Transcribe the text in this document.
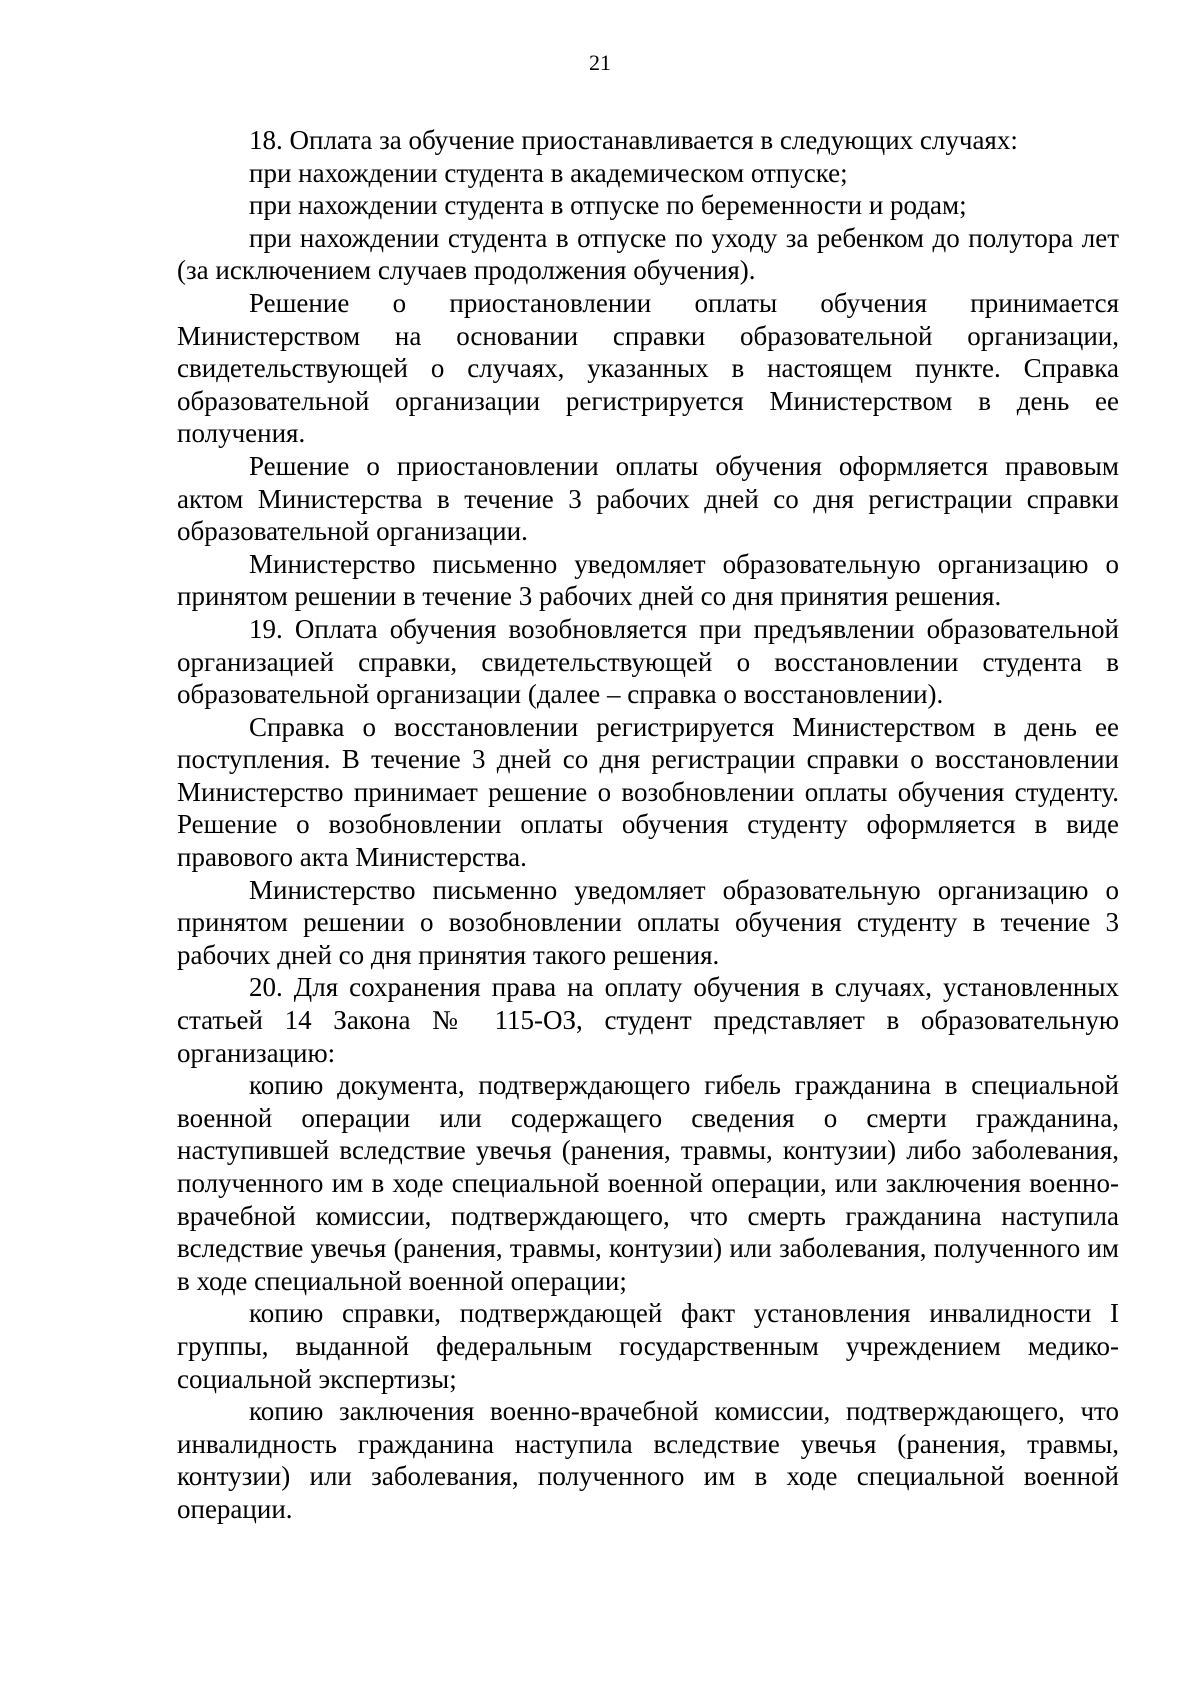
21

18. Оплата за обучение приостанавливается в следующих случаях:

при нахождении студента в академическом отпуске;

при нахождении студента в отпуске по беременности и родам;

при нахождении студента в отпуске по уходу за ребенком до полутора лет (за исключением случаев продолжения обучения).

Решение о приостановлении оплаты обучения принимается Министерством на основании справки образовательной организации, свидетельствующей о случаях, указанных в настоящем пункте. Справка образовательной организации регистрируется Министерством в день ее получения.

Решение о приостановлении оплаты обучения оформляется правовым актом Министерства в течение 3 рабочих дней со дня регистрации справки образовательной организации.

Министерство письменно уведомляет образовательную организацию о принятом решении в течение 3 рабочих дней со дня принятия решения.

19. Оплата обучения возобновляется при предъявлении образовательной организацией справки, свидетельствующей о восстановлении студента в образовательной организации (далее – справка о восстановлении).

Справка о восстановлении регистрируется Министерством в день ее поступления. В течение 3 дней со дня регистрации справки о восстановлении Министерство принимает решение о возобновлении оплаты обучения студенту. Решение о возобновлении оплаты обучения студенту оформляется в виде правового акта Министерства.

Министерство письменно уведомляет образовательную организацию о принятом решении о возобновлении оплаты обучения студенту в течение 3 рабочих дней со дня принятия такого решения.

20. Для сохранения права на оплату обучения в случаях, установленных статьей 14 Закона № 115-ОЗ, студент представляет в образовательную организацию:

копию документа, подтверждающего гибель гражданина в специальной военной операции или содержащего сведения о смерти гражданина, наступившей вследствие увечья (ранения, травмы, контузии) либо заболевания, полученного им в ходе специальной военной операции, или заключения военно-врачебной комиссии, подтверждающего, что смерть гражданина наступила вследствие увечья (ранения, травмы, контузии) или заболевания, полученного им в ходе специальной военной операции;

копию справки, подтверждающей факт установления инвалидности I группы, выданной федеральным государственным учреждением медико-социальной экспертизы;

копию заключения военно-врачебной комиссии, подтверждающего, что инвалидность гражданина наступила вследствие увечья (ранения, травмы, контузии) или заболевания, полученного им в ходе специальной военной операции.
